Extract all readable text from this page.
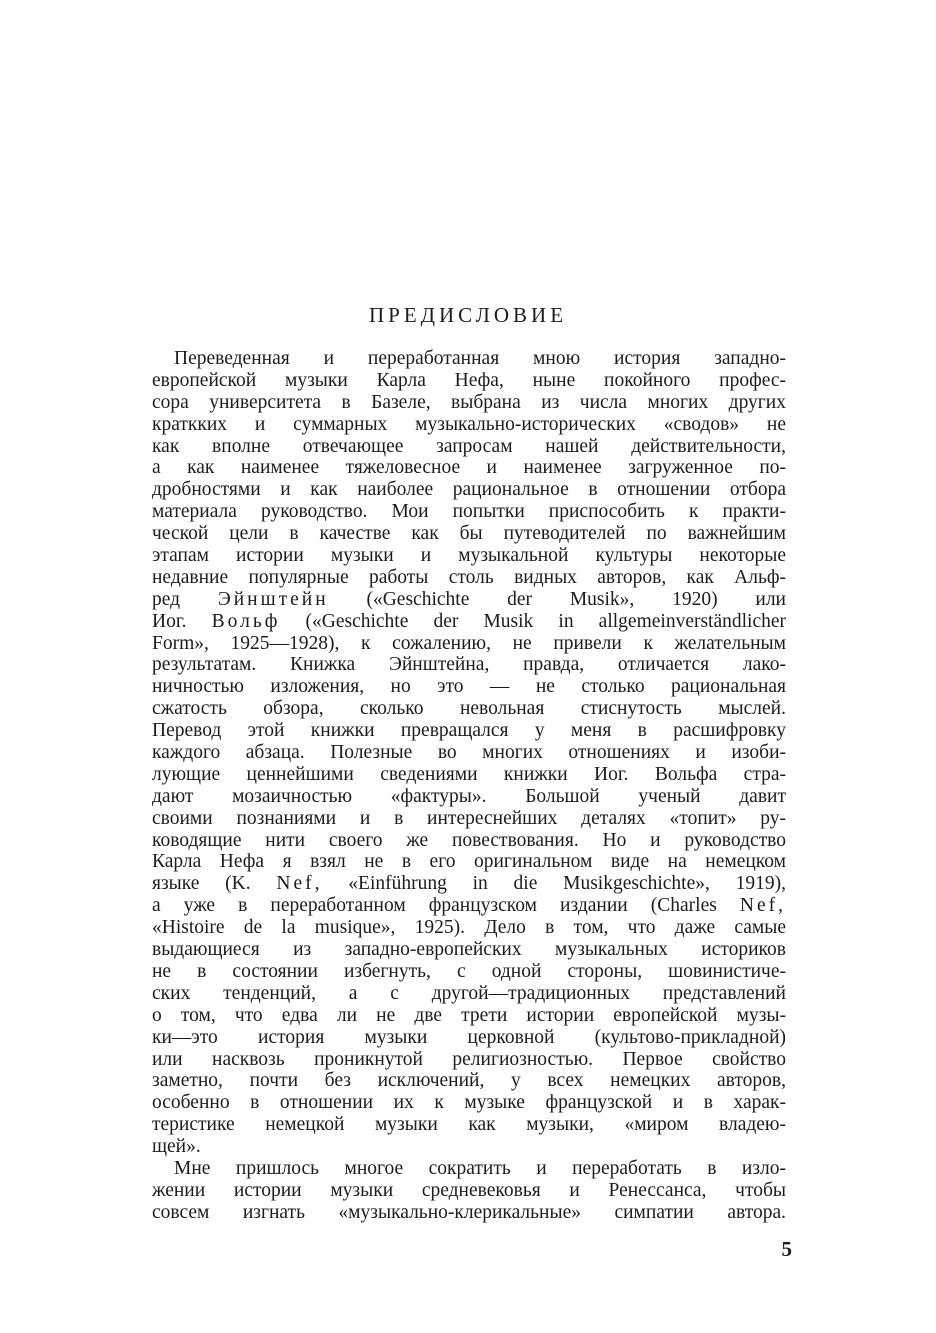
ПРЕДИСЛОВИЕ
Переведенная и переработанная мною история западно-
европейской музыки Карла Нефа, ныне покойного профес-
сора университета в Базеле, выбрана из числа многих других
краткких и суммарных музыкально-исторических «сводов» не
как вполне отвечающее запросам нашей действительности,
а как наименее тяжеловесное и наименее загруженное по-
дробностями и как наиболее рациональное в отношении отбора
материала руководство. Мои попытки приспособить к практи-
ческой цели в качестве как бы путеводителей по важнейшим
этапам истории музыки и музыкальной культуры некоторые
недавние популярные работы столь видных авторов, как Альф-
ред Эйнштейн («Geschichte der Musik», 1920) или
Иог. Вольф («Geschichte der Musik in allgemeinverständlicher
Form», 1925—1928), к сожалению, не привели к желательным
результатам. Книжка Эйнштейна, правда, отличается лако-
ничностью изложения, но это — не столько рациональная
сжатость обзора, сколько невольная стиснутость мыслей.
Перевод этой книжки превращался у меня в расшифровку
каждого абзаца. Полезные во многих отношениях и изоби-
лующие ценнейшими сведениями книжки Иог. Вольфа стра-
дают мозаичностью «фактуры». Большой ученый давит
своими познаниями и в интереснейших деталях «топит» ру-
ководящие нити своего же повествования. Но и руководство
Карла Нефа я взял не в его оригинальном виде на немецком
языке (K. Nef, «Einführung in die Musikgeschichte», 1919),
а уже в переработанном французском издании (Charles Nef,
«Histoire de la musique», 1925). Дело в том, что даже самые
выдающиеся из западно-европейских музыкальных историков
не в состоянии избегнуть, с одной стороны, шовинистиче-
ских тенденций, а с другой—традиционных представлений
о том, что едва ли не две трети истории европейской музы-
ки—это история музыки церковной (культово-прикладной)
или насквозь проникнутой религиозностью. Первое свойство
заметно, почти без исключений, у всех немецких авторов,
особенно в отношении их к музыке французской и в харак-
теристике немецкой музыки как музыки, «миром владею-
щей».
Мне пришлось многое сократить и переработать в изло-
жении истории музыки средневековья и Ренессанса, чтобы
совсем изгнать «музыкально-клерикальные» симпатии автора.
5
